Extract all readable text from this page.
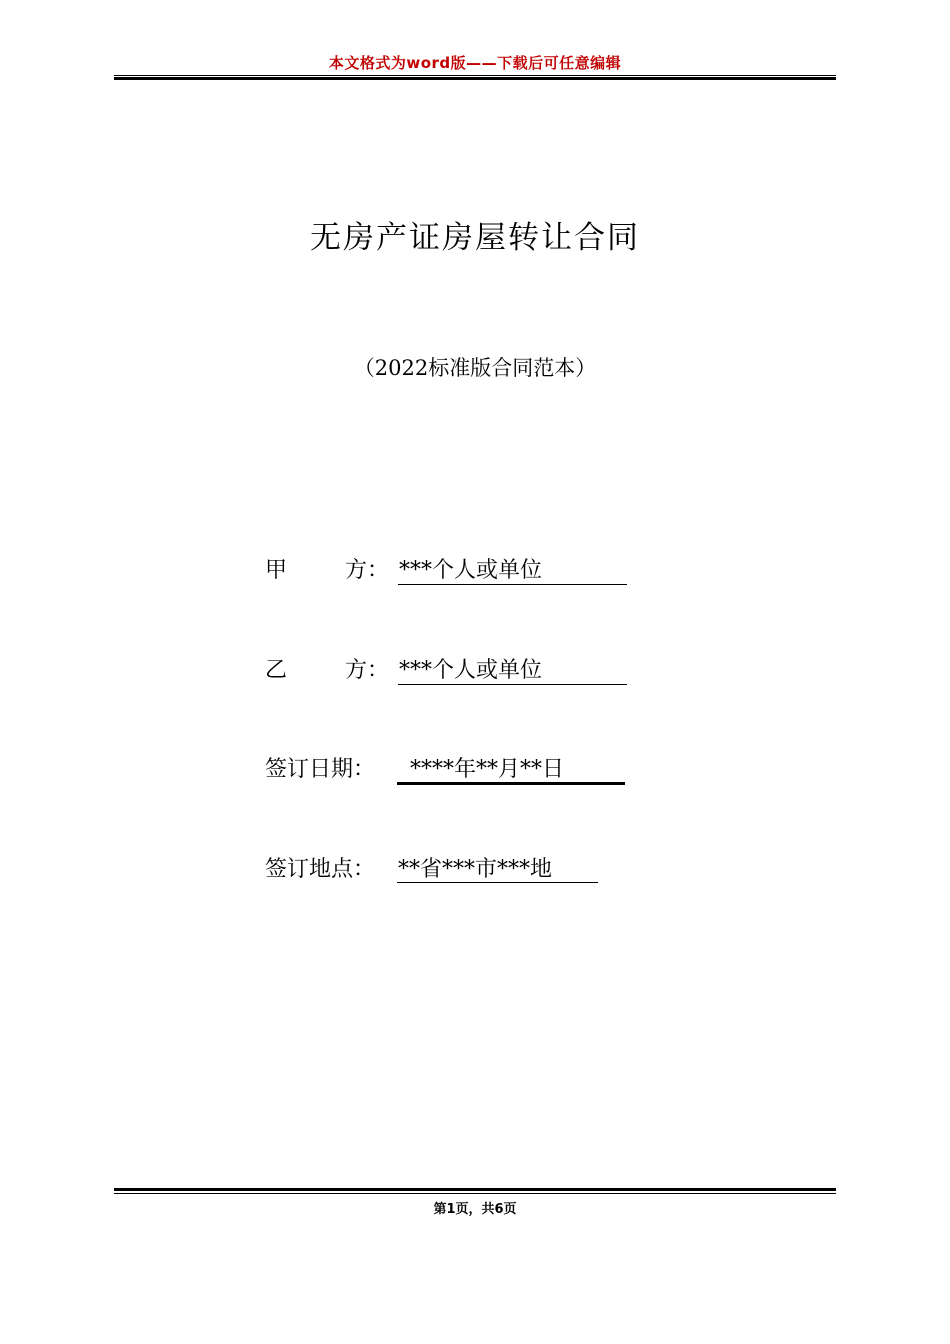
本文格式为word版——下载后可任意编辑
无房产证房屋转让合同
（2022标准版合同范本）
甲	方： ***个人或单位
乙	方： ***个人或单位
签订日期： ****年**月**日
签订地点： **省***市***地
第1页，共6页
